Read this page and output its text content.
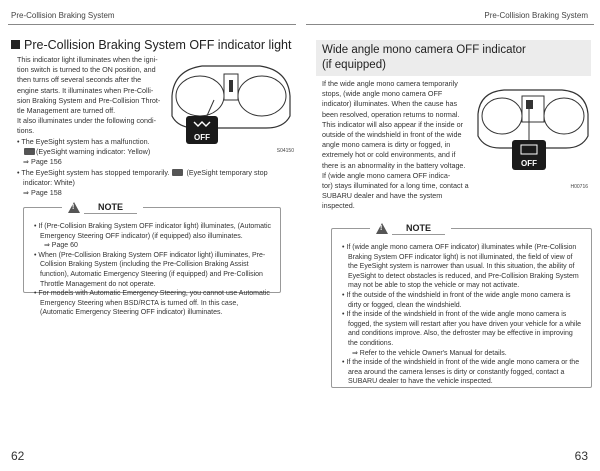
Pre-Collision Braking System	Pre-Collision Braking System
Pre-Collision Braking System OFF indicator light

This indicator light illuminates when the igni-

tion switch is turned to the ON position, and

then turns off several seconds after the

engine starts. It illuminates when Pre-Colli-

sion Braking System and Pre-Collision Throt-

tle Management are turned off.

It also illuminates under the following condi-

tions.

• The EyeSight system has a malfunction.

(EyeSight warning indicator: Yellow)

⇒ Page 156

• The EyeSight system has stopped temporarily. (EyeSight temporary stop indicator: White)

⇒ Page 158

OFF
S04150
!
NOTE
• If (Pre-Collision Braking System OFF indicator light) illuminates, (Automatic Emergency Steering OFF indicator) (if equipped) also illuminates.
⇒ Page 60
• When (Pre-Collision Braking System OFF indicator light) illuminates, Pre-Collision Braking System (including the Pre-Collision Braking Assist function), Automatic Emergency Steering (if equipped) and Pre-Collision Throttle Management do not operate.
• For models with Automatic Emergency Steering, you cannot use Automatic Emergency Steering when BSD/RCTA is turned off. In this case, (Automatic Emergency Steering OFF indicator) illuminates.
62
Wide angle mono camera OFF indicator
(if equipped)

If the wide angle mono camera temporarily

stops, (wide angle mono camera OFF

indicator) illuminates. When the cause has

been resolved, operation returns to normal.

This indicator will also appear if the inside or

outside of the windshield in front of the wide

angle mono camera is dirty or fogged, in

extremely hot or cold environments, and if

there is an abnormality in the battery voltage.

If (wide angle mono camera OFF indica-

tor) stays illuminated for a long time, contact a

SUBARU dealer and have the system inspected.

OFF
H00716
!
NOTE
• If (wide angle mono camera OFF indicator) illuminates while (Pre-Collision Braking System OFF indicator light) is not illuminated, the field of view of the EyeSight system is narrower than usual. In this situation, the ability of EyeSight to detect obstacles is reduced, and Pre-Collision Braking System may not be able to stop the vehicle or may not activate.
• If the outside of the windshield in front of the wide angle mono camera is dirty or fogged, clean the windshield.
• If the inside of the windshield in front of the wide angle mono camera is fogged, the system will restart after you have driven your vehicle for a while and conditions improve. Also, the defroster may be effective in improving the conditions.
⇒ Refer to the vehicle Owner's Manual for details.
• If the inside of the windshield in front of the wide angle mono camera or the area around the camera lenses is dirty or constantly fogged, contact a SUBARU dealer to have the vehicle inspected.
63
